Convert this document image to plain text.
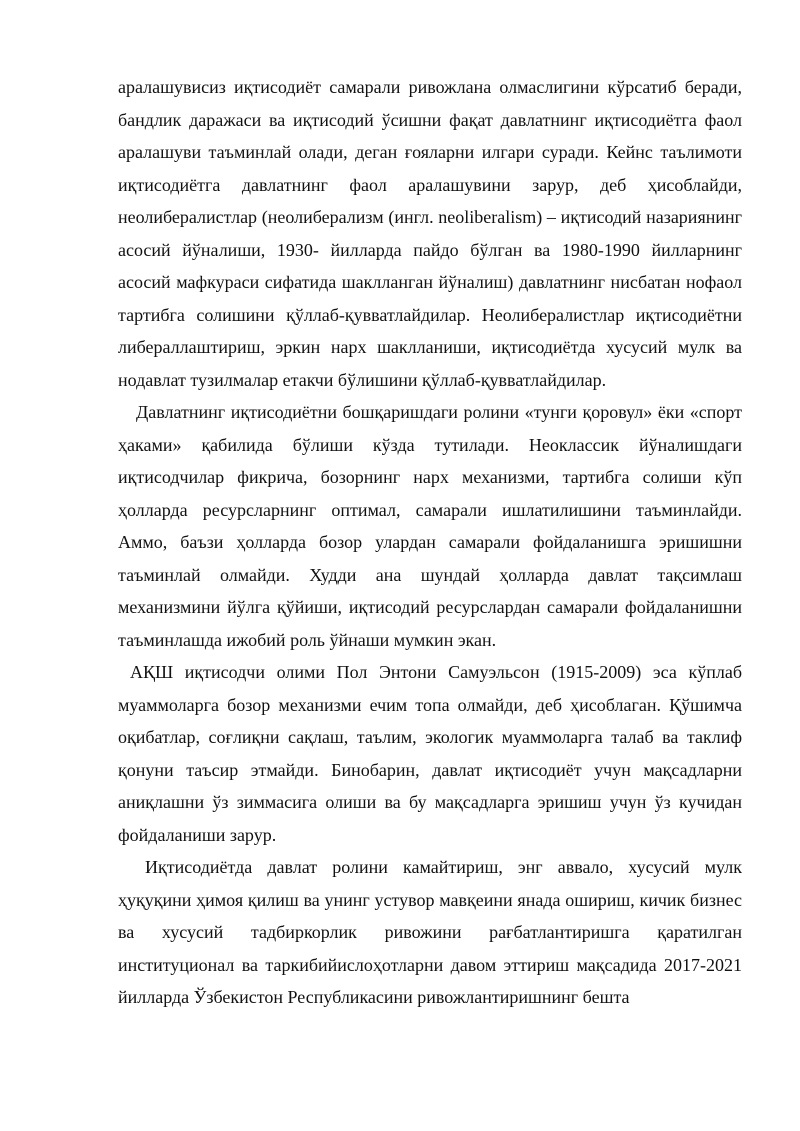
аралашувисиз иқтисодиёт самарали ривожлана олмаслигини кўрсатиб беради, бандлик даражаси ва иқтисодий ўсишни фақат давлатнинг иқтисодиётга фаол аралашуви таъминлай олади, деган ғояларни илгари суради. Кейнс таълимоти иқтисодиётга давлатнинг фаол аралашувини зарур, деб ҳисоблайди, неолибералистлар (неолиберализм (ингл. neoliberalism) – иқтисодий назариянинг асосий йўналиши, 1930- йилларда пайдо бўлган ва 1980-1990 йилларнинг асосий мафкураси сифатида шаклланган йўналиш) давлатнинг нисбатан нофаол тартибга солишини қўллаб-қувватлайдилар. Неолибералистлар иқтисодиётни либераллаштириш, эркин нарх шаклланиши, иқтисодиётда хусусий мулк ва нодавлат тузилмалар етакчи бўлишини қўллаб-қувватлайдилар.

Давлатнинг иқтисодиётни бошқаришдаги ролини «тунги қоровул» ёки «спорт ҳаками» қабилида бўлиши кўзда тутилади. Неоклассик йўналишдаги иқтисодчилар фикрича, бозорнинг нарх механизми, тартибга солиши кўп ҳолларда ресурсларнинг оптимал, самарали ишлатилишини таъминлайди. Аммо, баъзи ҳолларда бозор улардан самарали фойдаланишга эришишни таъминлай олмайди. Худди ана шундай ҳолларда давлат тақсимлаш механизмини йўлга қўйиши, иқтисодий ресурслардан самарали фойдаланишни таъминлашда ижобий роль ўйнаши мумкин экан.

АҚШ иқтисодчи олими Пол Энтони Самуэльсон (1915-2009) эса кўплаб муаммоларга бозор механизми ечим топа олмайди, деб ҳисоблаган. Қўшимча оқибатлар, соғлиқни сақлаш, таълим, экологик муаммоларга талаб ва таклиф қонуни таъсир этмайди. Бинобарин, давлат иқтисодиёт учун мақсадларни аниқлашни ўз зиммасига олиши ва бу мақсадларга эришиш учун ўз кучидан фойдаланиши зарур.

Иқтисодиётда давлат ролини камайтириш, энг аввало, хусусий мулк ҳуқуқини ҳимоя қилиш ва унинг устувор мавқеини янада ошириш, кичик бизнес ва хусусий тадбиркорлик ривожини рағбатлантиришга қаратилган институционал ва таркибийислоҳотларни давом эттириш мақсадида 2017-2021 йилларда Ўзбекистон Республикасини ривожлантиришнинг бешта
